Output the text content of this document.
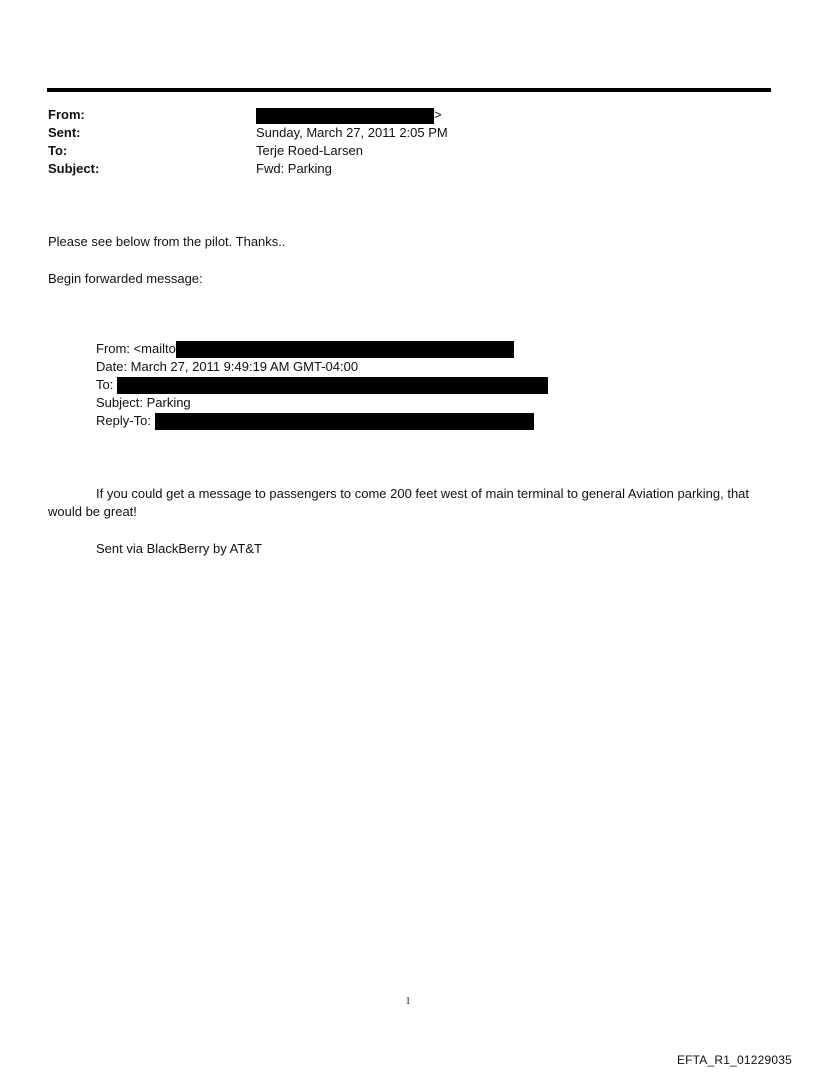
From:	>
Sent:	Sunday, March 27, 2011 2:05 PM
To:	Terje Roed-Larsen
Subject:	Fwd: Parking
Please see below from the pilot. Thanks..
Begin forwarded message:
From: <mailto
Date: March 27, 2011 9:49:19 AM GMT-04:00
To:
Subject: Parking
Reply-To:
If you could get a message to passengers to come 200 feet west of main terminal to general Aviation parking, that would be great!
Sent via BlackBerry by AT&T
1
EFTA_R1_01229035
